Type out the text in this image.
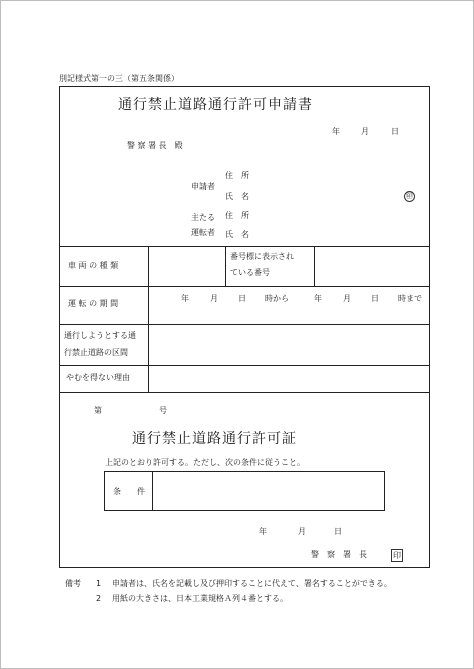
別記様式第一の三（第五条関係）
通行禁止道路通行許可申請書
年	月	日
警 察 署 長　殿
申請者
住　所
氏　名	㊞
主たる
運転者
住　所
氏　名
車 両 の 種 類
番号標に表示され
ている番号
運 転 の 期 間
年	月	日 時から	年	月	日 時まで
通行しようとする通
行禁止道路の区間
やむを得ない理由
第	号
通行禁止道路通行許可証
上記のとおり許可する。ただし、次の条件に従うこと。
条　　件
年	月	日
警　察　署　長	印
備考 1 申請者は、氏名を記載し及び押印することに代えて、署名することができる。
2 用紙の大きさは、日本工業規格Ａ列４番とする。
